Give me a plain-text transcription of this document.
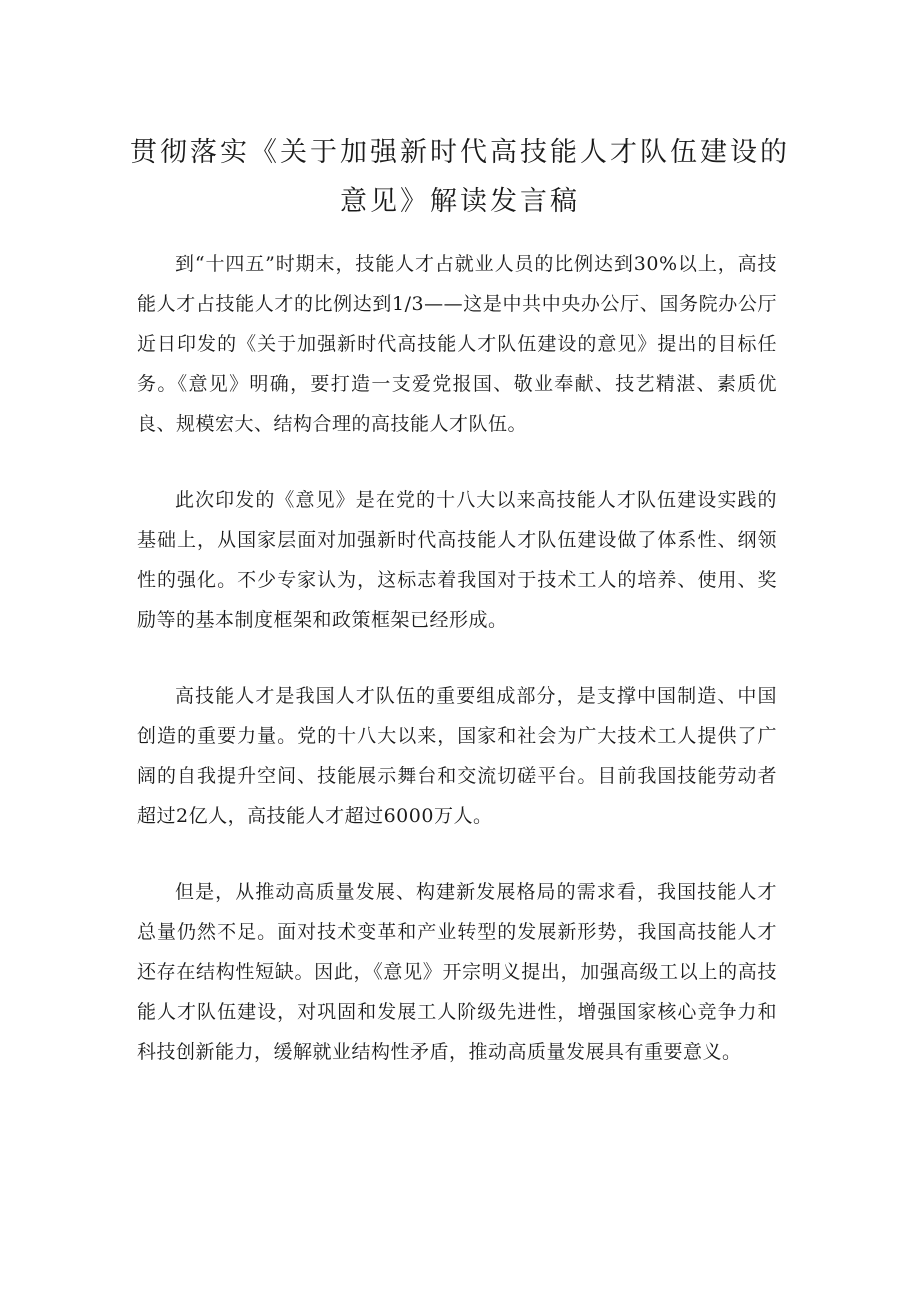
贯彻落实《关于加强新时代高技能人才队伍建设的
意见》解读发言稿

到“十四五”时期末，技能人才占就业人员的比例达到30%以上，高技能人才占技能人才的比例达到1/3——这是中共中央办公厅、国务院办公厅近日印发的《关于加强新时代高技能人才队伍建设的意见》提出的目标任务。《意见》明确，要打造一支爱党报国、敬业奉献、技艺精湛、素质优良、规模宏大、结构合理的高技能人才队伍。

此次印发的《意见》是在党的十八大以来高技能人才队伍建设实践的基础上，从国家层面对加强新时代高技能人才队伍建设做了体系性、纲领性的强化。不少专家认为，这标志着我国对于技术工人的培养、使用、奖励等的基本制度框架和政策框架已经形成。

高技能人才是我国人才队伍的重要组成部分，是支撑中国制造、中国创造的重要力量。党的十八大以来，国家和社会为广大技术工人提供了广阔的自我提升空间、技能展示舞台和交流切磋平台。目前我国技能劳动者超过2亿人，高技能人才超过6000万人。

但是，从推动高质量发展、构建新发展格局的需求看，我国技能人才总量仍然不足。面对技术变革和产业转型的发展新形势，我国高技能人才还存在结构性短缺。因此，《意见》开宗明义提出，加强高级工以上的高技能人才队伍建设，对巩固和发展工人阶级先进性，增强国家核心竞争力和科技创新能力，缓解就业结构性矛盾，推动高质量发展具有重要意义。
